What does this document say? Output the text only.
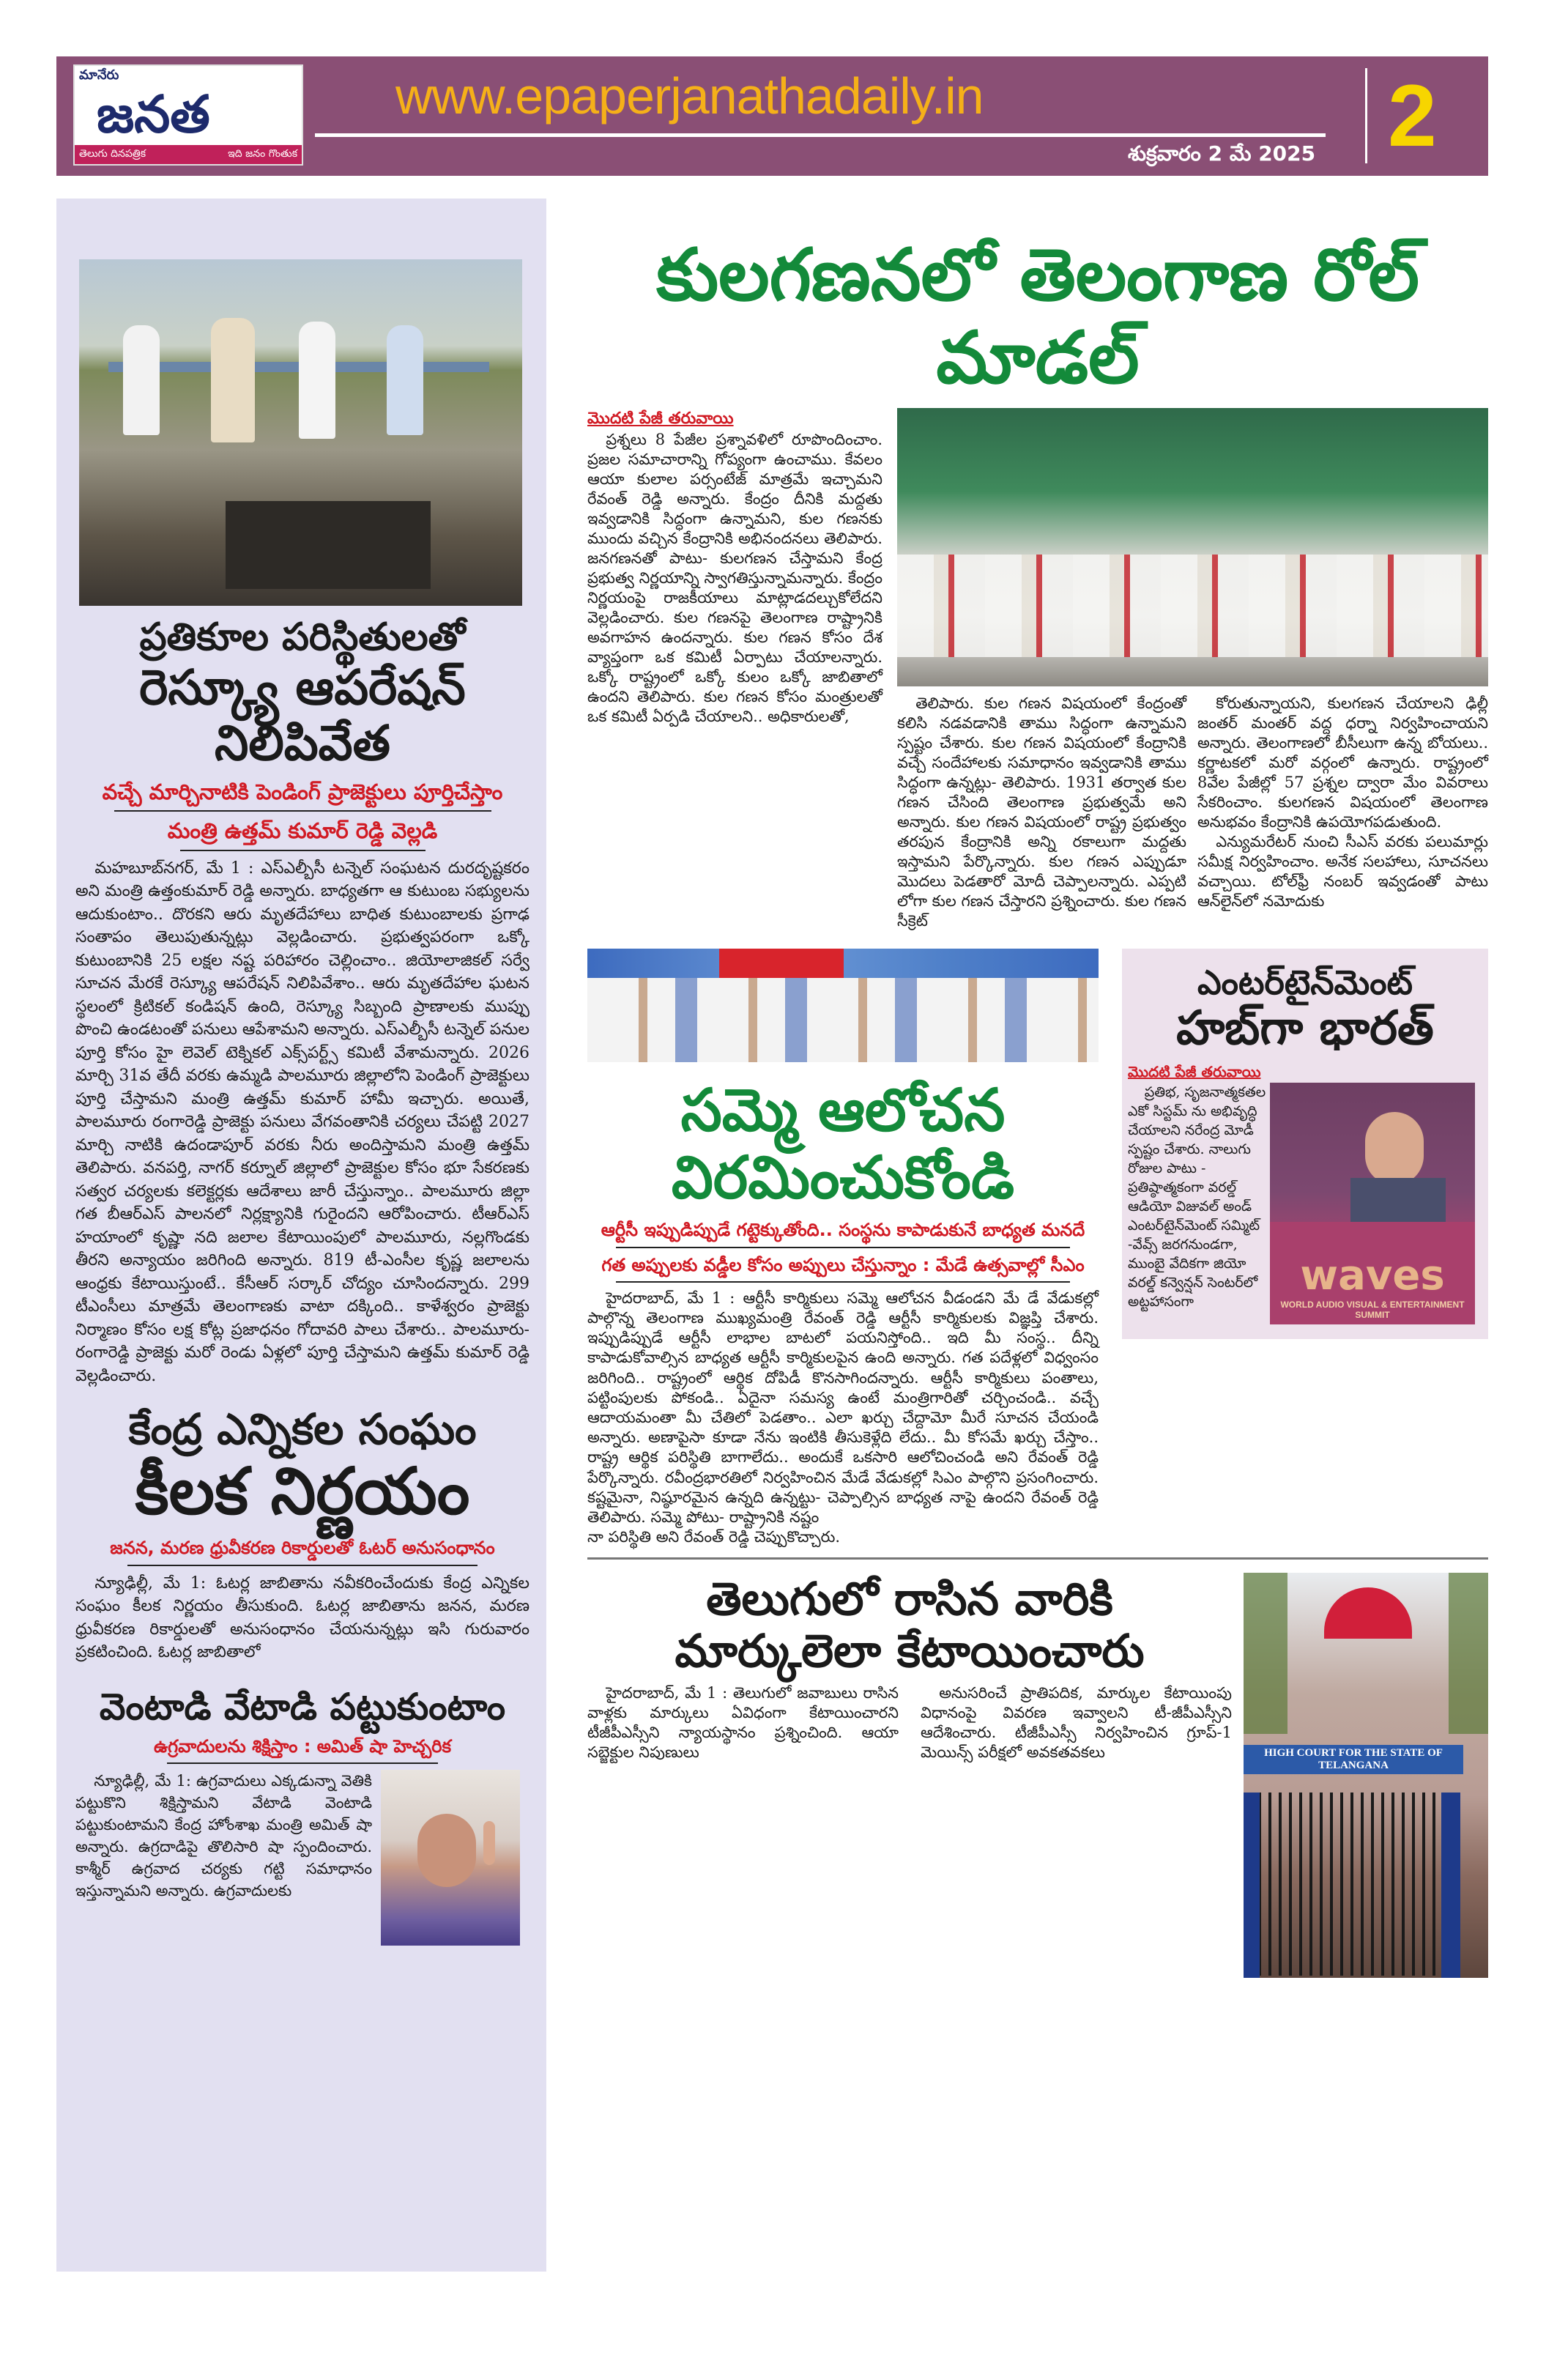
మానేరు
జనత
తెలుగు దినపత్రిక	ఇది జనం గొంతుక
www.epaperjanathadaily.in
శుక్రవారం 2 మే 2025 2
ప్రతికూల పరిస్థితులతో
రెస్క్యూ ఆపరేషన్ నిలిపివేత
వచ్చే మార్చినాటికి పెండింగ్ ప్రాజెక్టులు పూర్తిచేస్తాం
మంత్రి ఉత్తమ్ కుమార్ రెడ్డి వెల్లడి

మహబూబ్‌నగర్, మే 1 : ఎస్ఎల్బీసీ టన్నెల్ సంఘటన దురదృష్టకరం అని మంత్రి ఉత్తంకుమార్ రెడ్డి అన్నారు. బాధ్యతగా ఆ కుటుంబ సభ్యులను ఆదుకుంటాం.. దొరకని ఆరు మృతదేహాలు బాధిత కుటుంబాలకు ప్రగాఢ సంతాపం తెలుపుతున్నట్లు వెల్లడించారు. ప్రభుత్వపరంగా ఒక్కో కుటుంబానికి 25 లక్షల నష్ట పరిహారం చెల్లించాం.. జియోలాజికల్ సర్వే సూచన మేరకే రెస్క్యూ ఆపరేషన్ నిలిపివేశాం.. ఆరు మృతదేహాల ఘటన స్థలంలో క్రిటికల్ కండిషన్ ఉంది, రెస్క్యూ సిబ్బంది ప్రాణాలకు ముప్పు పొంచి ఉండటంతో పనులు ఆపేశామని అన్నారు. ఎస్ఎల్బీసీ టన్నెల్ పనుల పూర్తి కోసం హై లెవెల్ టెక్నికల్ ఎక్స్‌పర్ట్స్ కమిటీ వేశామన్నారు. 2026 మార్చి 31వ తేదీ వరకు ఉమ్మడి పాలమూరు జిల్లాలోని పెండింగ్ ప్రాజెక్టులు పూర్తి చేస్తామని మంత్రి ఉత్తమ్ కుమార్ హామీ ఇచ్చారు. అయితే, పాలమూరు రంగారెడ్డి ప్రాజెక్టు పనులు వేగవంతానికి చర్యలు చేపట్టి 2027 మార్చి నాటికి ఉదండాపూర్ వరకు నీరు అందిస్తామని మంత్రి ఉత్తమ్ తెలిపారు. వనపర్తి, నాగర్ కర్నూల్ జిల్లాలో ప్రాజెక్టుల కోసం భూ సేకరణకు సత్వర చర్యలకు కలెక్టర్లకు ఆదేశాలు జారీ చేస్తున్నాం.. పాలమూరు జిల్లా గత బీఆర్ఎస్ పాలనలో నిర్లక్ష్యానికి గురైందని ఆరోపించారు. టీఆర్ఎస్ హయాంలో కృష్ణా నది జలాల కేటాయింపులో పాలమూరు, నల్లగొండకు తీరని అన్యాయం జరిగింది అన్నారు. 819 టీ-ఎంసీల కృష్ణ జలాలను ఆంధ్రకు కేటాయిస్తుంటే.. కేసీఆర్ సర్కార్ చోద్యం చూసిందన్నారు. 299 టీఎంసీలు మాత్రమే తెలంగాణకు వాటా దక్కింది.. కాళేశ్వరం ప్రాజెక్టు నిర్మాణం కోసం లక్ష కోట్ల ప్రజాధనం గోదావరి పాలు చేశారు.. పాలమూరు- రంగారెడ్డి ప్రాజెక్టు మరో రెండు ఏళ్లలో పూర్తి చేస్తామని ఉత్తమ్ కుమార్ రెడ్డి వెల్లడించారు.

కేంద్ర ఎన్నికల సంఘం
కీలక నిర్ణయం
జనన, మరణ ధ్రువీకరణ రికార్డులతో ఓటర్ అనుసంధానం

న్యూఢిల్లీ, మే 1: ఓటర్ల జాబితాను నవీకరించేందుకు కేంద్ర ఎన్నికల సంఘం కీలక నిర్ణయం తీసుకుంది. ఓటర్ల జాబితాను జనన, మరణ ధ్రువీకరణ రికార్డులతో అనుసంధానం చేయనున్నట్లు ఇసి గురువారం ప్రకటించింది. ఓటర్ల జాబితాలో

వెంటాడి వేటాడి పట్టుకుంటాం
ఉగ్రవాదులను శిక్షిస్తాం : అమిత్ షా హెచ్చరిక

న్యూఢిల్లీ, మే 1: ఉగ్రవాదులు ఎక్కడున్నా వెతికి పట్టుకొని శిక్షిస్తామని వేటాడి వెంటాడి పట్టుకుంటామని కేంద్ర హోంశాఖ మంత్రి అమిత్ షా అన్నారు. ఉగ్రదాడిపై తొలిసారి షా స్పందించారు. కాశ్మీర్ ఉగ్రవాద చర్యకు గట్టి సమాధానం ఇస్తున్నామని అన్నారు. ఉగ్రవాదులకు

కులగణనలో తెలంగాణ రోల్ మాడల్
మొదటి పేజీ తరువాయి

ప్రశ్నలు 8 పేజీల ప్రశ్నావళిలో రూపొందించాం. ప్రజల సమాచారాన్ని గోప్యంగా ఉంచాము. కేవలం ఆయా కులాల పర్సంటేజ్ మాత్రమే ఇచ్చామని రేవంత్ రెడ్డి అన్నారు. కేంద్రం దీనికి మద్దతు ఇవ్వడానికి సిద్ధంగా ఉన్నామని, కుల గణనకు ముందు వచ్చిన కేంద్రానికి అభినందనలు తెలిపారు. జనగణనతో పాటు- కులగణన చేస్తామని కేంద్ర ప్రభుత్వ నిర్ణయాన్ని స్వాగతిస్తున్నామన్నారు. కేంద్రం నిర్ణయంపై రాజకీయాలు మాట్లాడదల్చుకోలేదని వెల్లడించారు. కుల గణనపై తెలంగాణ రాష్ట్రానికి అవగాహన ఉందన్నారు. కుల గణన కోసం దేశ వ్యాప్తంగా ఒక కమిటీ ఏర్పాటు చేయాలన్నారు. ఒక్కో రాష్ట్రంలో ఒక్కో కులం ఒక్కో జాబితాలో ఉందని తెలిపారు. కుల గణన కోసం మంత్రులతో ఒక కమిటీ ఏర్పడి చేయాలని.. అధికారులతో,

తెలిపారు. కుల గణన విషయంలో కేంద్రంతో కలిసి నడవడానికి తాము సిద్ధంగా ఉన్నామని స్పష్టం చేశారు. కుల గణన విషయంలో కేంద్రానికి వచ్చే సందేహాలకు సమాధానం ఇవ్వడానికి తాము సిద్ధంగా ఉన్నట్లు- తెలిపారు. 1931 తర్వాత కుల గణన చేసింది తెలంగాణ ప్రభుత్వమే అని అన్నారు. కుల గణన విషయంలో రాష్ట్ర ప్రభుత్వం తరపున కేంద్రానికి అన్ని రకాలుగా మద్దతు ఇస్తామని పేర్కొన్నారు. కుల గణన ఎప్పుడూ మొదలు పెడతారో మోదీ చెప్పాలన్నారు. ఎప్పటి లోగా కుల గణన చేస్తారని ప్రశ్నించారు. కుల గణన సీక్రెట్

కోరుతున్నాయని, కులగణన చేయాలని ఢిల్లీ జంతర్ మంతర్ వద్ద ధర్నా నిర్వహించాయని అన్నారు. తెలంగాణలో బీసీలుగా ఉన్న బోయలు.. కర్ణాటకలో మరో వర్గంలో ఉన్నారు. రాష్ట్రంలో 8వేల పేజీల్లో 57 ప్రశ్నల ద్వారా మేం వివరాలు సేకరించాం. కులగణన విషయంలో తెలంగాణ అనుభవం కేంద్రానికి ఉపయోగపడుతుంది.

ఎన్యుమరేటర్ నుంచి సీఎస్ వరకు పలుమార్లు సమీక్ష నిర్వహించాం. అనేక సలహాలు, సూచనలు వచ్చాయి. టోల్‌ఫ్రీ నంబర్ ఇవ్వడంతో పాటు ఆన్‌లైన్‌లో నమోదుకు

సమ్మె ఆలోచన విరమించుకోండి
ఆర్టీసీ ఇప్పుడిప్పుడే గట్టెక్కుతోంది.. సంస్థను కాపాడుకునే బాధ్యత మనదే
గత అప్పులకు వడ్డీల కోసం అప్పులు చేస్తున్నాం : మేడే ఉత్సవాల్లో సీఎం

హైదరాబాద్, మే 1 : ఆర్టీసీ కార్మికులు సమ్మె ఆలోచన వీడండని మే డే వేడుకల్లో పాల్గొన్న తెలంగాణ ముఖ్యమంత్రి రేవంత్ రెడ్డి ఆర్టీసీ కార్మికులకు విజ్ఞప్తి చేశారు. ఇప్పుడిప్పుడే ఆర్టీసీ లాభాల బాటలో పయనిస్తోంది.. ఇది మీ సంస్థ.. దీన్ని కాపాడుకోవాల్సిన బాధ్యత ఆర్టీసీ కార్మికులపైన ఉంది అన్నారు. గత పదేళ్లలో విధ్వంసం జరిగింది.. రాష్ట్రంలో ఆర్థిక దోపిడీ కొనసాగిందన్నారు. ఆర్టీసీ కార్మికులు పంతాలు, పట్టింపులకు పోకండి.. ఏదైనా సమస్య ఉంటే మంత్రిగారితో చర్చించండి.. వచ్చే ఆదాయమంతా మీ చేతిలో పెడతాం.. ఎలా ఖర్చు చేద్దామో మీరే సూచన చేయండి అన్నారు. అణాపైసా కూడా నేను ఇంటికి తీసుకెళ్లేది లేదు.. మీ కోసమే ఖర్చు చేస్తాం.. రాష్ట్ర ఆర్థిక పరిస్థితి బాగాలేదు.. అందుకే ఒకసారి ఆలోచించండి అని రేవంత్ రెడ్డి పేర్కొన్నారు. రవీంద్రభారతిలో నిర్వహించిన మేడే వేడుకల్లో సిఎం పాల్గొని ప్రసంగించారు. కష్టమైనా, నిష్ఠూరమైన ఉన్నది ఉన్నట్టు- చెప్పాల్సిన బాధ్యత నాపై ఉందని రేవంత్ రెడ్డి తెలిపారు. సమ్మె పోటు- రాష్ట్రానికి నష్టం

నా పరిస్థితి అని రేవంత్ రెడ్డి చెప్పుకొచ్చారు.
ఎంటర్‌టైన్‌మెంట్
హబ్‌గా భారత్
మొదటి పేజీ తరువాయి

ప్రతిభ, సృజనాత్మకతల ఎకో సిస్టమ్ ను అభివృద్ధి చేయాలని నరేంద్ర మోడీ స్పష్టం చేశారు. నాలుగు రోజుల పాటు - ప్రతిష్ఠాత్మకంగా వరల్డ్ ఆడియో విజువల్ అండ్ ఎంటర్‌టైన్‌మెంట్ సమ్మిట్ -వేవ్స్ జరగనుండగా, ముంబై వేదికగా జియో వరల్డ్ కన్వెన్షన్ సెంటర్‌లో అట్టహాసంగా

waves
WORLD AUDIO VISUAL & ENTERTAINMENT SUMMIT
తెలుగులో రాసిన వారికి
మార్కులెలా కేటాయించారు

హైదరాబాద్, మే 1 : తెలుగులో జవాబులు రాసిన వాళ్లకు మార్కులు ఏవిధంగా కేటాయించారని టీజీపీఎస్సీని న్యాయస్థానం ప్రశ్నించింది. ఆయా సబ్జెక్టుల నిపుణులు

అనుసరించే ప్రాతిపదిక, మార్కుల కేటాయింపు విధానంపై వివరణ ఇవ్వాలని టీ-జీపీఎస్సీని ఆదేశించారు. టీజీపీఎస్సీ నిర్వహించిన గ్రూప్-1 మెయిన్స్ పరీక్షలో అవకతవకలు	HIGH COURT FOR THE STATE OF TELANGANA
